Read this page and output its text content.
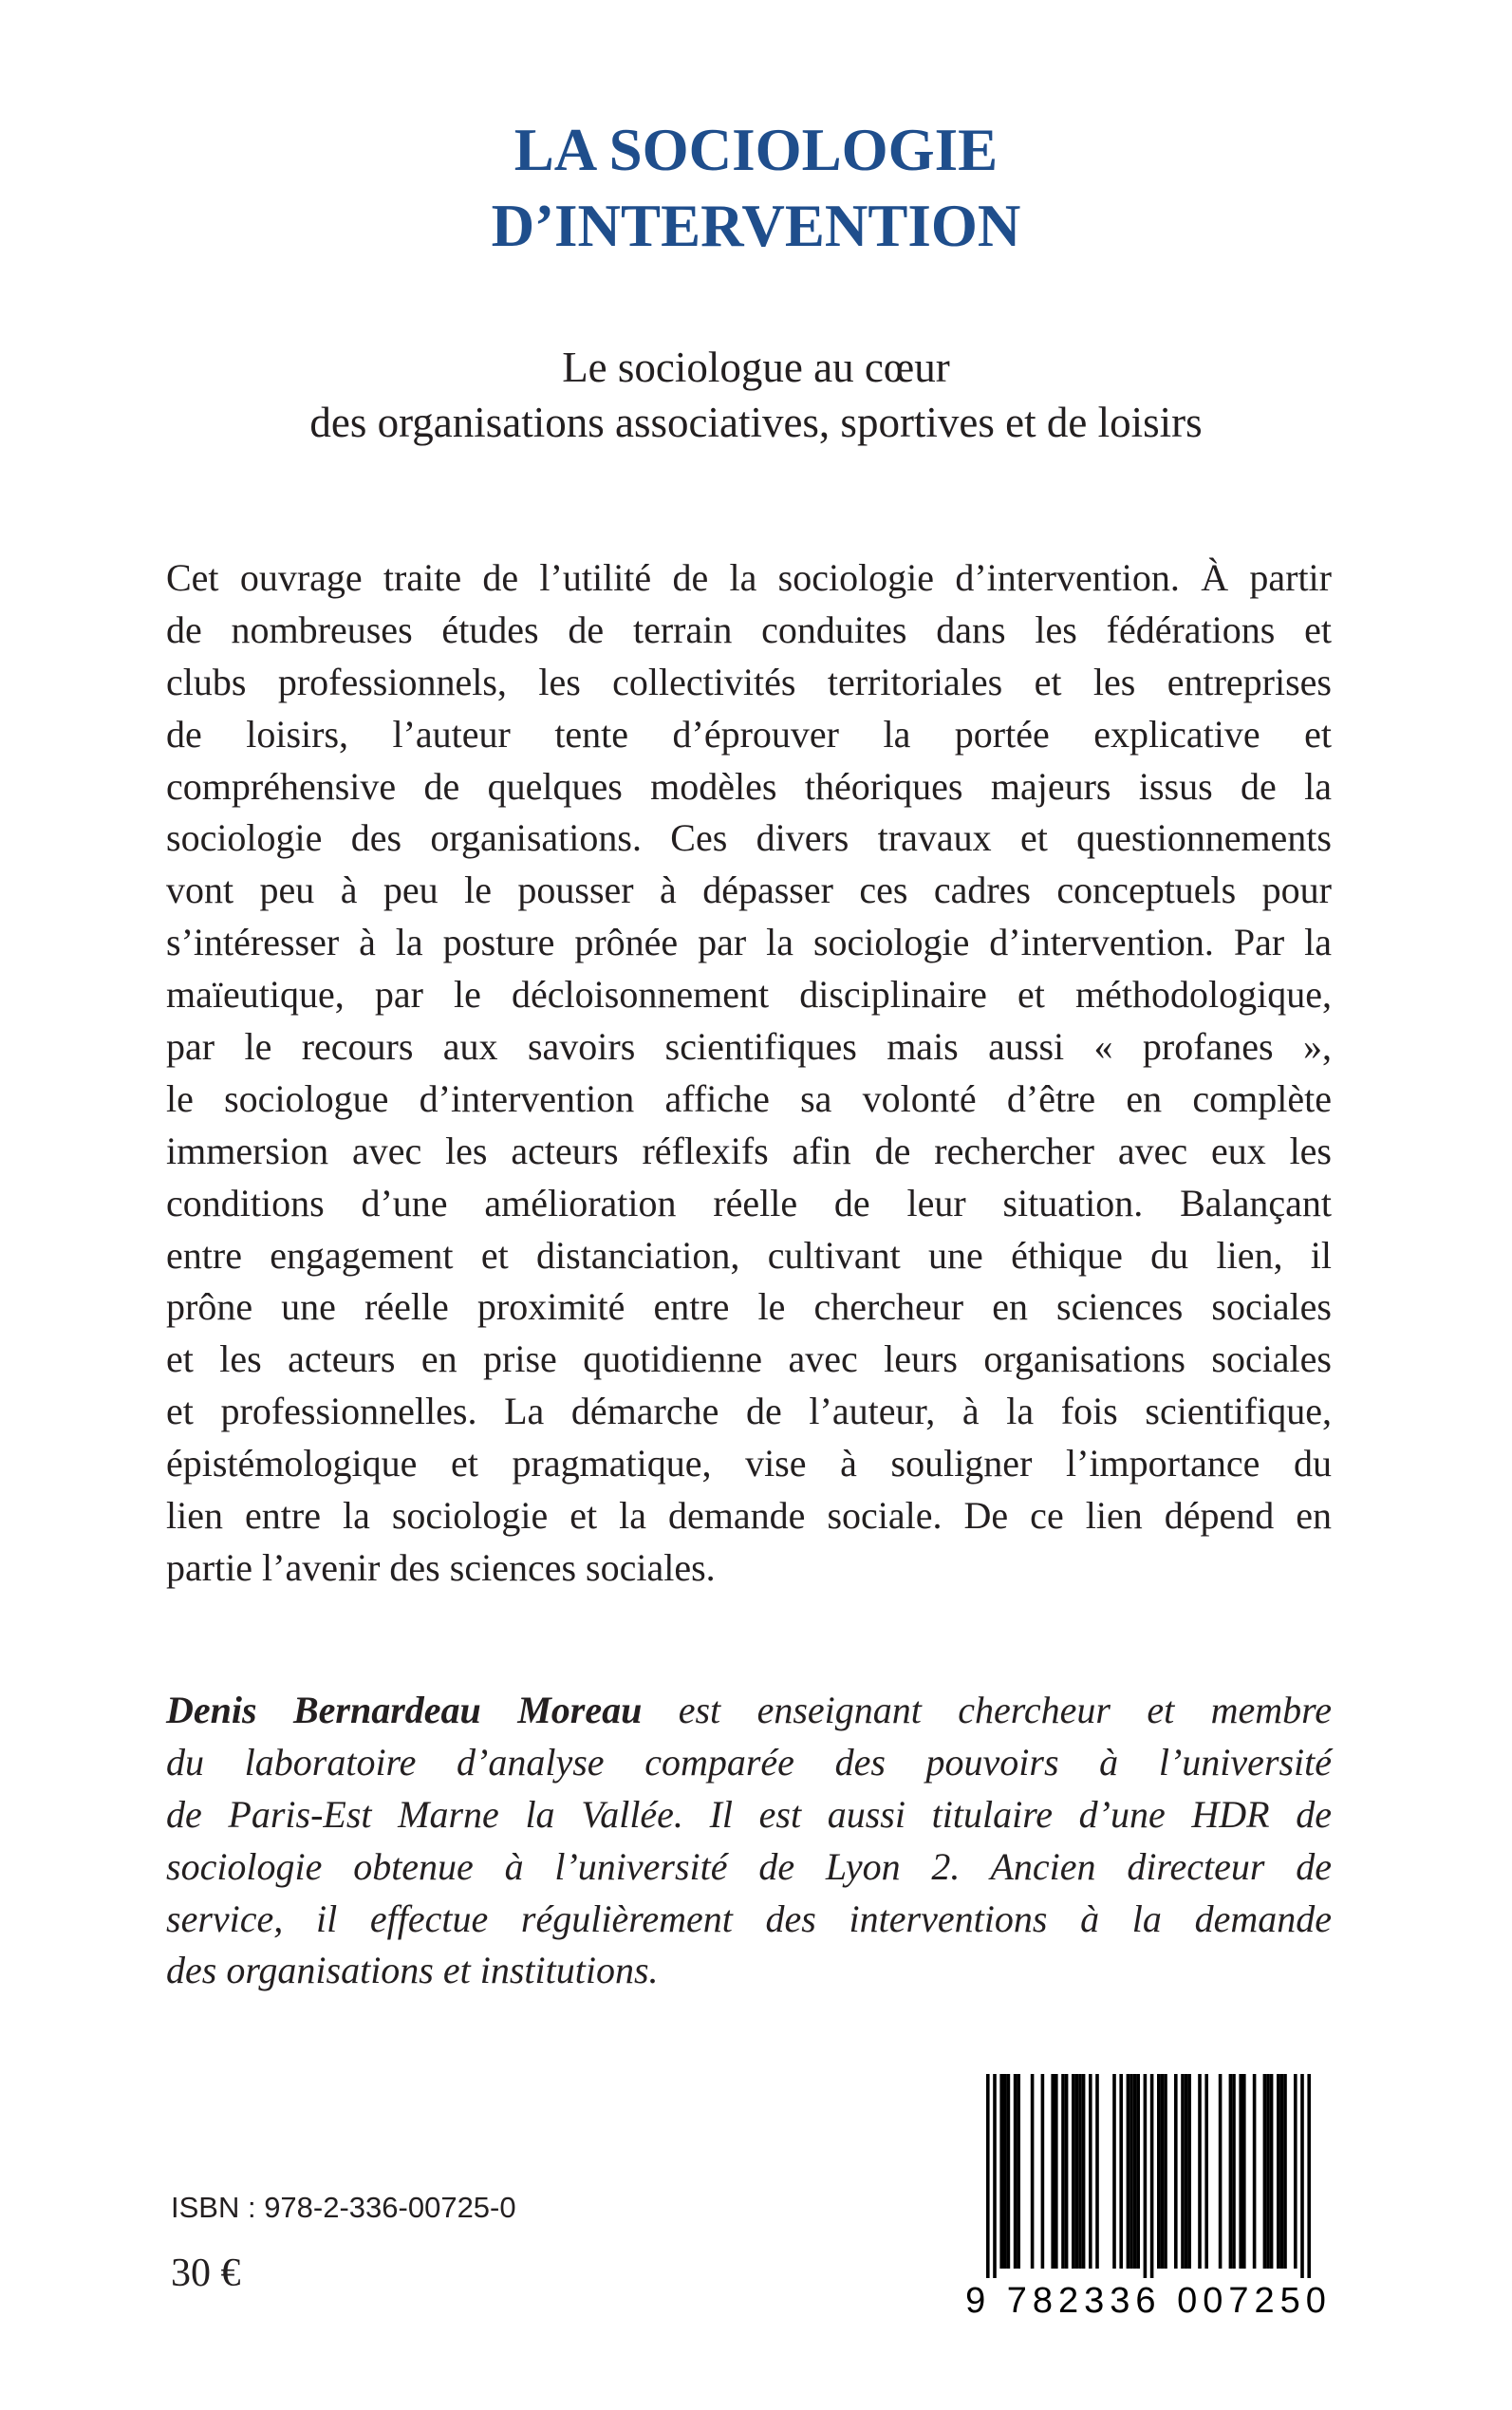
LA SOCIOLOGIE
D’INTERVENTION
Le sociologue au cœur
des organisations associatives, sportives et de loisirs
Cet ouvrage traite de l’utilité de la sociologie d’intervention. À partir
de nombreuses études de terrain conduites dans les fédérations et
clubs professionnels, les collectivités territoriales et les entreprises
de loisirs, l’auteur tente d’éprouver la portée explicative et
compréhensive de quelques modèles théoriques majeurs issus de la
sociologie des organisations. Ces divers travaux et questionnements
vont peu à peu le pousser à dépasser ces cadres conceptuels pour
s’intéresser à la posture prônée par la sociologie d’intervention. Par la
maïeutique, par le décloisonnement disciplinaire et méthodologique,
par le recours aux savoirs scientifiques mais aussi « profanes »,
le sociologue d’intervention affiche sa volonté d’être en complète
immersion avec les acteurs réflexifs afin de rechercher avec eux les
conditions d’une amélioration réelle de leur situation. Balançant
entre engagement et distanciation, cultivant une éthique du lien, il
prône une réelle proximité entre le chercheur en sciences sociales
et les acteurs en prise quotidienne avec leurs organisations sociales
et professionnelles. La démarche de l’auteur, à la fois scientifique,
épistémologique et pragmatique, vise à souligner l’importance du
lien entre la sociologie et la demande sociale. De ce lien dépend en
partie l’avenir des sciences sociales.
Denis Bernardeau Moreau est enseignant chercheur et membre
du laboratoire d’analyse comparée des pouvoirs à l’université
de Paris-Est Marne la Vallée. Il est aussi titulaire d’une HDR de
sociologie obtenue à l’université de Lyon 2. Ancien directeur de
service, il effectue régulièrement des interventions à la demande
des organisations et institutions.
ISBN : 978-2-336-00725-0
30 €
9 782336 007250
